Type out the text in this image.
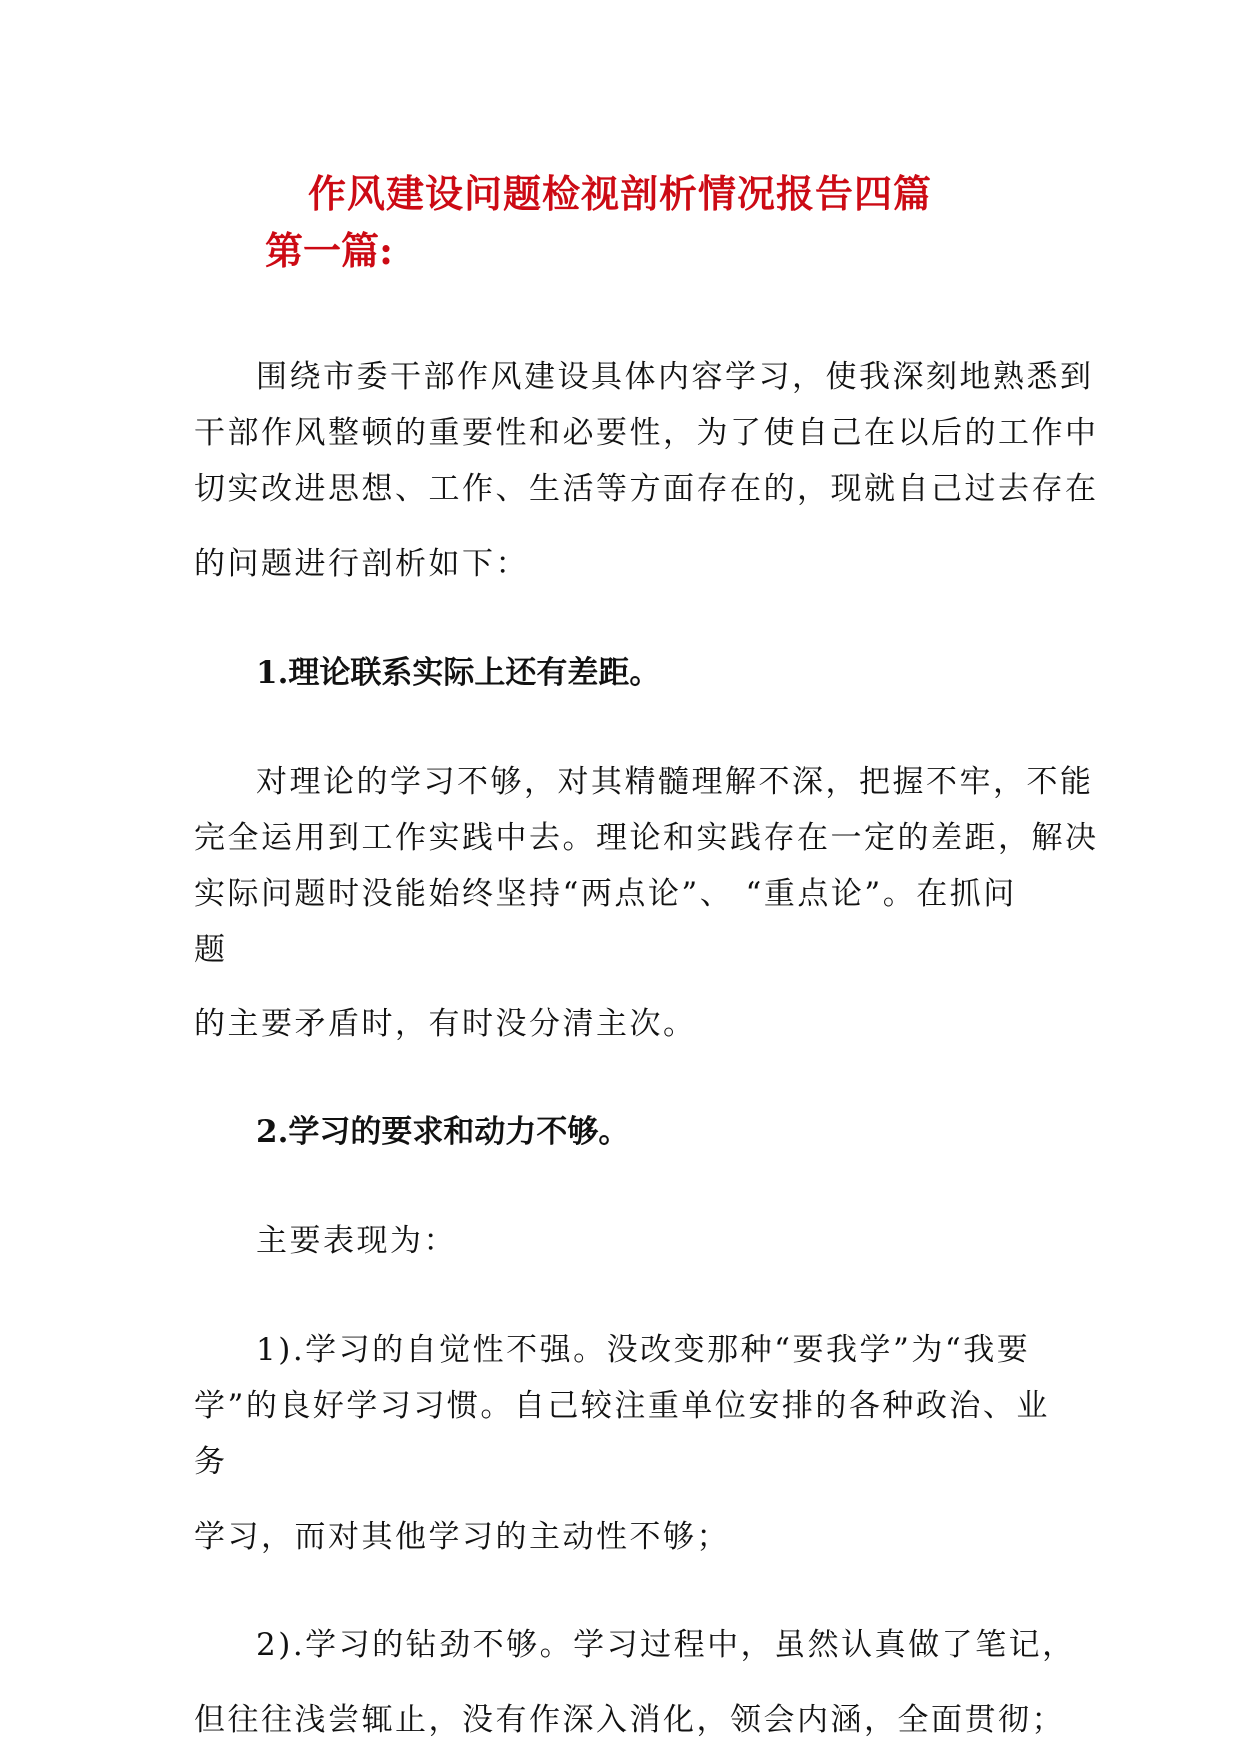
作风建设问题检视剖析情况报告四篇
第一篇:
围绕市委干部作风建设具体内容学习，使我深刻地熟悉到
干部作风整顿的重要性和必要性，为了使自己在以后的工作中
切实改进思想、工作、生活等方面存在的，现就自己过去存在
的问题进行剖析如下：
1.理论联系实际上还有差距。
对理论的学习不够，对其精髓理解不深，把握不牢，不能
完全运用到工作实践中去。理论和实践存在一定的差距，解决
实际问题时没能始终坚持“两点论”、 “重点论”。在抓问
题
的主要矛盾时，有时没分清主次。
2.学习的要求和动力不够。
主要表现为：
1).学习的自觉性不强。没改变那种“要我学”为“我要
学”的良好学习习惯。自己较注重单位安排的各种政治、业
务
学习，而对其他学习的主动性不够；
2).学习的钻劲不够。学习过程中，虽然认真做了笔记，
但往往浅尝辄止，没有作深入消化，领会内涵，全面贯彻；
